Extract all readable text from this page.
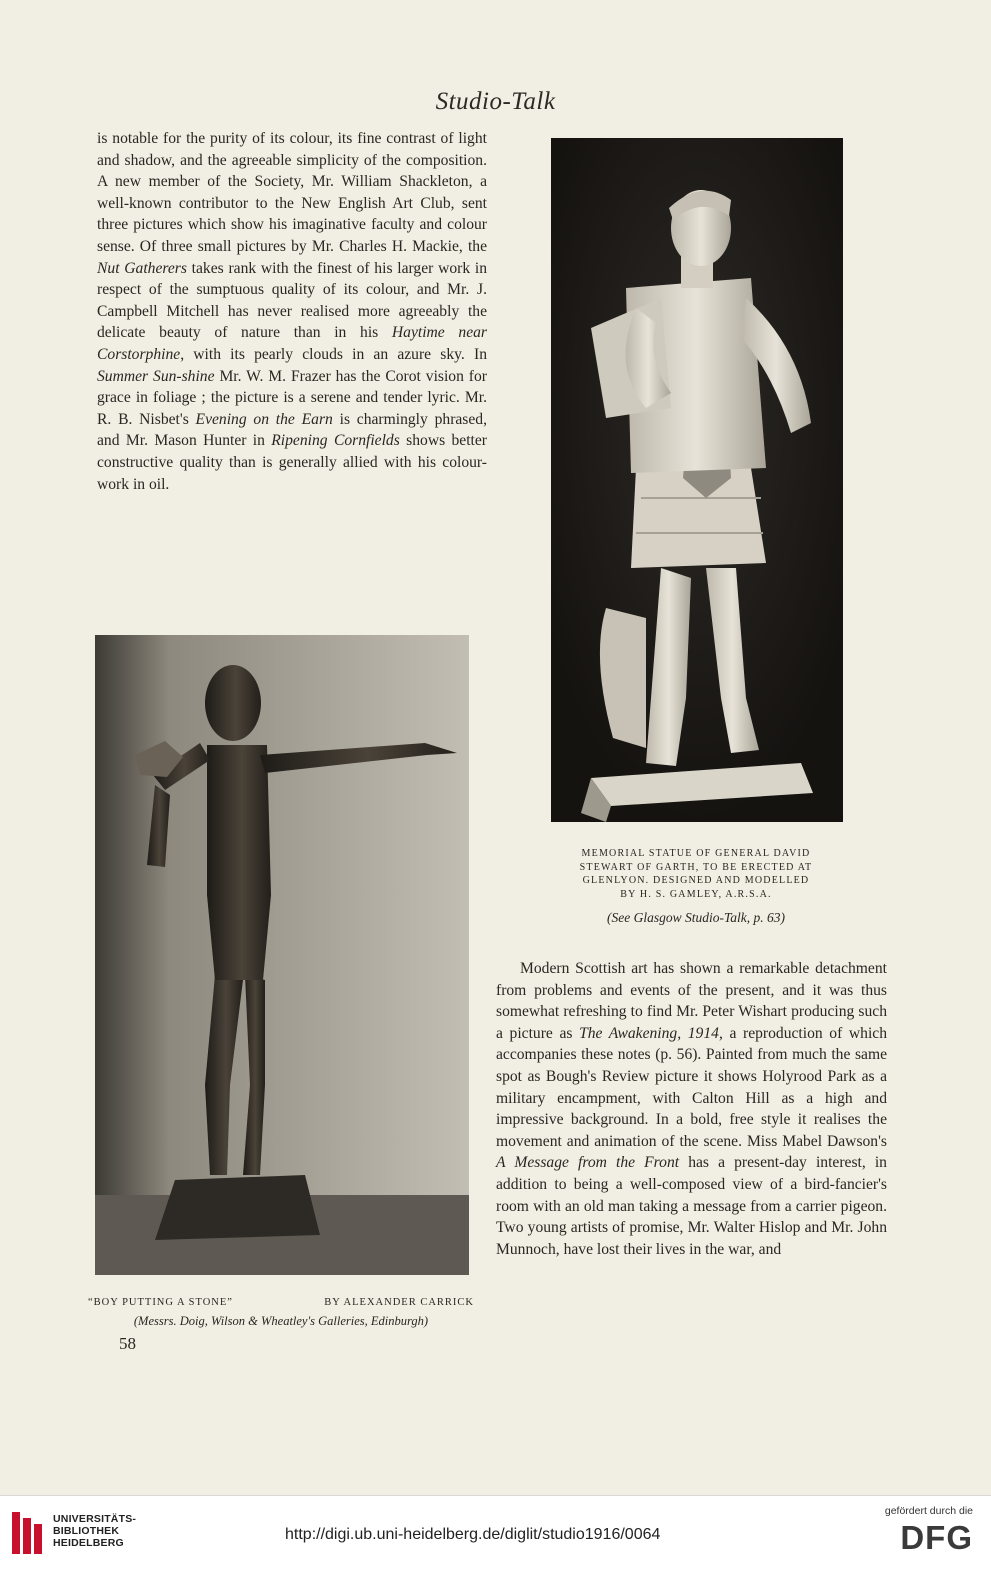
Studio-Talk

is notable for the purity of its colour, its fine contrast of light and shadow, and the agreeable simplicity of the composition. A new member of the Society, Mr. William Shackleton, a well-known contributor to the New English Art Club, sent three pictures which show his imaginative faculty and colour sense. Of three small pictures by Mr. Charles H. Mackie, the Nut Gatherers takes rank with the finest of his larger work in respect of the sumptuous quality of its colour, and Mr. J. Campbell Mitchell has never realised more agreeably the delicate beauty of nature than in his Haytime near Corstorphine, with its pearly clouds in an azure sky. In Summer Sun-shine Mr. W. M. Frazer has the Corot vision for grace in foliage ; the picture is a serene and tender lyric. Mr. R. B. Nisbet's Evening on the Earn is charmingly phrased, and Mr. Mason Hunter in Ripening Cornfields shows better constructive quality than is generally allied with his colour-work in oil.

MEMORIAL STATUE OF GENERAL DAVID
STEWART OF GARTH, TO BE ERECTED AT
GLENLYON. DESIGNED AND MODELLED
BY H. S. GAMLEY, A.R.S.A.
(See Glasgow Studio-Talk, p. 63)
“BOY PUTTING A STONE”	BY ALEXANDER CARRICK
(Messrs. Doig, Wilson & Wheatley's Galleries, Edinburgh)
58

Modern Scottish art has shown a remarkable detachment from problems and events of the present, and it was thus somewhat refreshing to find Mr. Peter Wishart producing such a picture as The Awakening, 1914, a reproduction of which accompanies these notes (p. 56). Painted from much the same spot as Bough's Review picture it shows Holyrood Park as a military encampment, with Calton Hill as a high and impressive background. In a bold, free style it realises the movement and animation of the scene. Miss Mabel Dawson's A Message from the Front has a present-day interest, in addition to being a well-composed view of a bird-fancier's room with an old man taking a message from a carrier pigeon. Two young artists of promise, Mr. Walter Hislop and Mr. John Munnoch, have lost their lives in the war, and

UNIVERSITÄTS-
BIBLIOTHEK
HEIDELBERG	http://digi.ub.uni-heidelberg.de/diglit/studio1916/0064
gefördert durch die
DFG
